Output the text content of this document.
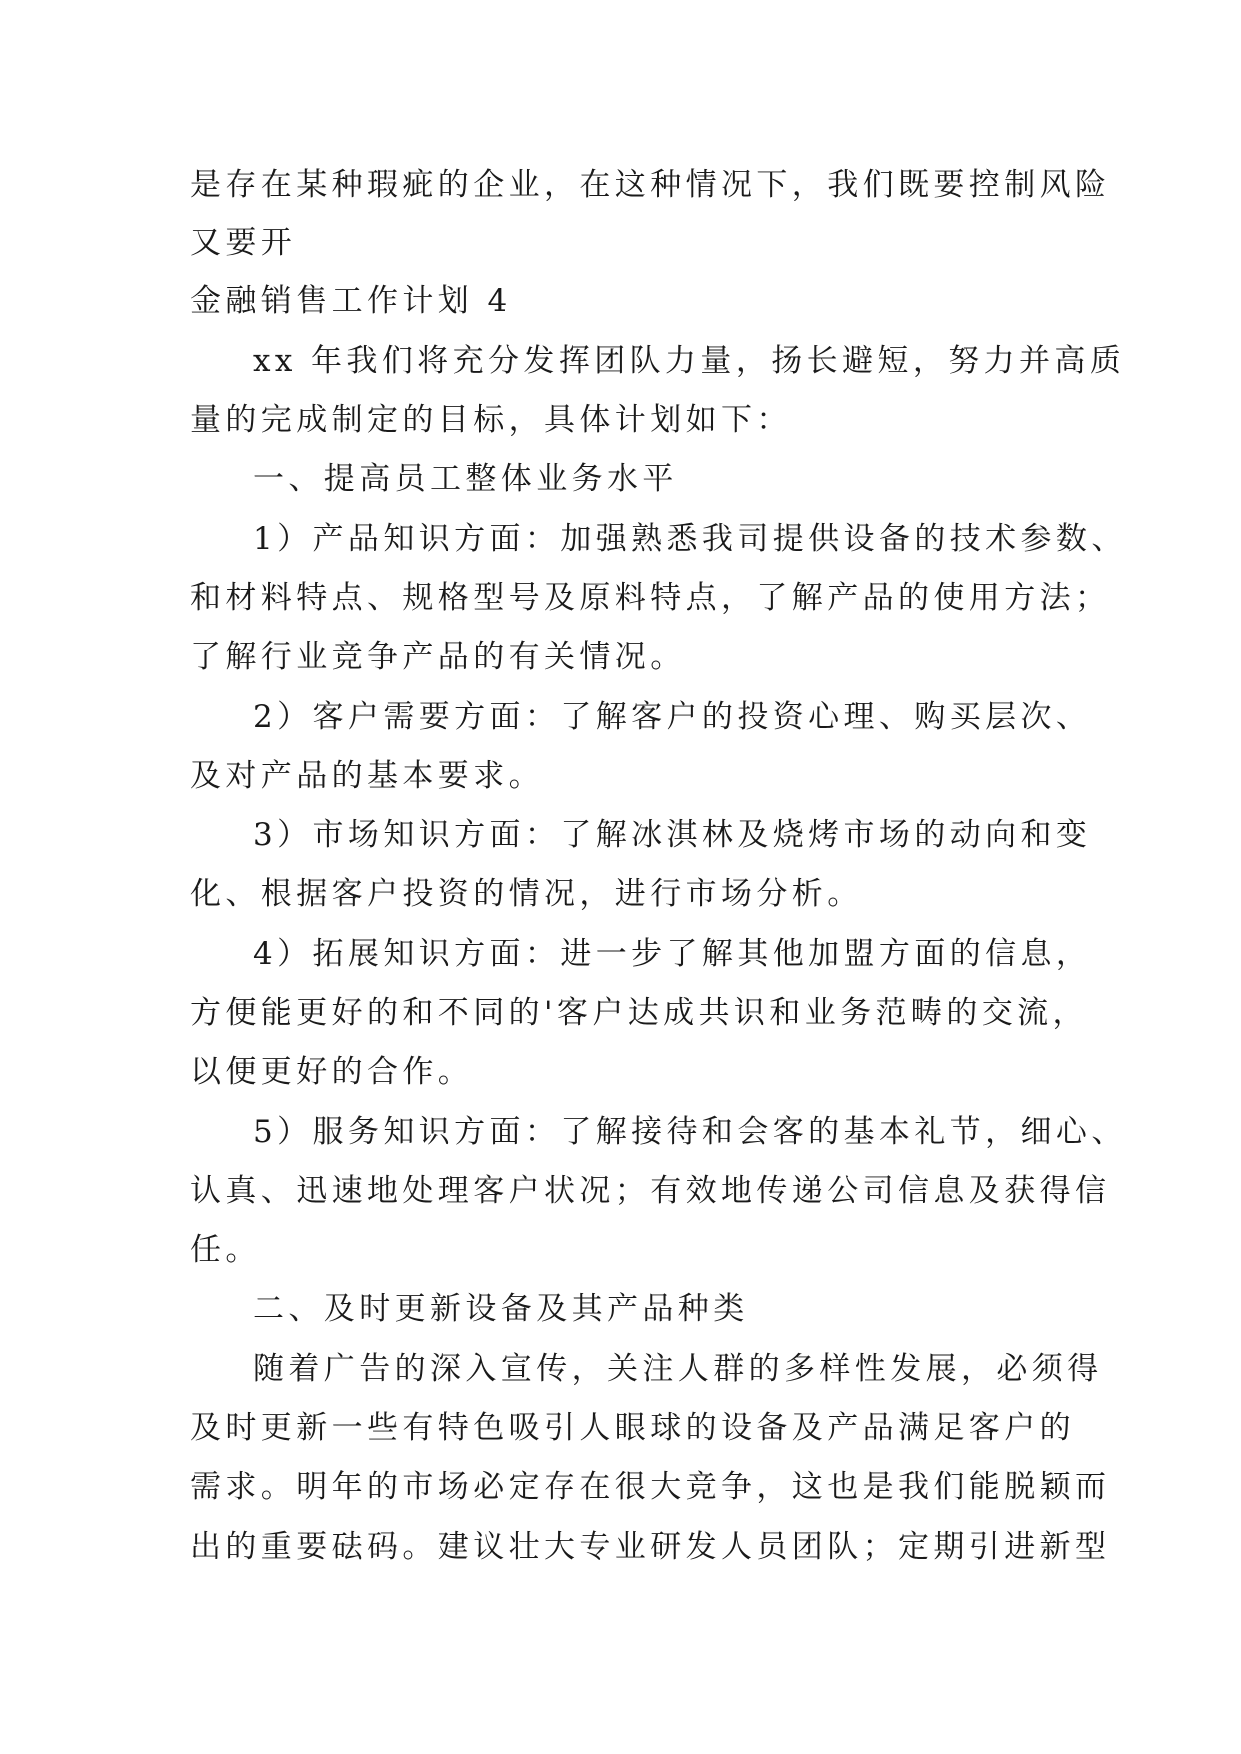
是存在某种瑕疵的企业，在这种情况下，我们既要控制风险
又要开
金融销售工作计划 4
xx 年我们将充分发挥团队力量，扬长避短，努力并高质
量的完成制定的目标，具体计划如下：
一、提高员工整体业务水平
1）产品知识方面：加强熟悉我司提供设备的技术参数、
和材料特点、规格型号及原料特点，了解产品的使用方法；
了解行业竞争产品的有关情况。
2）客户需要方面：了解客户的投资心理、购买层次、
及对产品的基本要求。
3）市场知识方面：了解冰淇林及烧烤市场的动向和变
化、根据客户投资的情况，进行市场分析。
4）拓展知识方面：进一步了解其他加盟方面的信息，
方便能更好的和不同的'客户达成共识和业务范畴的交流，
以便更好的合作。
5）服务知识方面：了解接待和会客的基本礼节，细心、
认真、迅速地处理客户状况；有效地传递公司信息及获得信
任。
二、及时更新设备及其产品种类
随着广告的深入宣传，关注人群的多样性发展，必须得
及时更新一些有特色吸引人眼球的设备及产品满足客户的
需求。明年的市场必定存在很大竞争，这也是我们能脱颖而
出的重要砝码。建议壮大专业研发人员团队；定期引进新型
